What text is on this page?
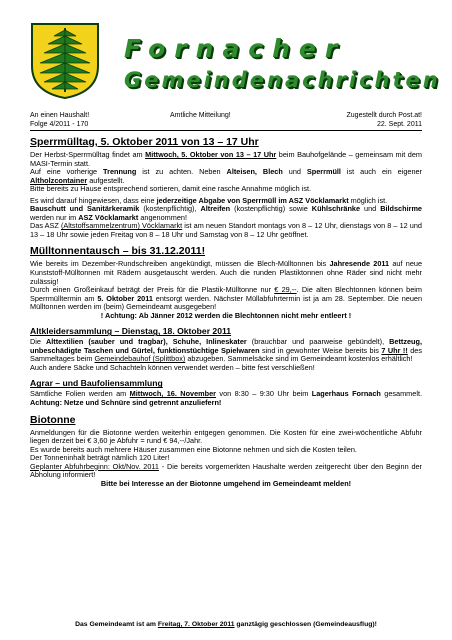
Fornacher
Gemeindenachrichten
An einen Haushalt!	Amtliche Mitteilung!	Zugestellt durch Post.at!
Folge 4/2011 - 170	22. Sept. 2011
Sperrmülltag, 5. Oktober 2011 von 13 – 17 Uhr

Der Herbst-Sperrmülltag findet am Mittwoch, 5. Oktober von 13 – 17 Uhr beim Bauhofgelände – gemeinsam mit dem MASI-Termin statt.

Auf eine vorherige Trennung ist zu achten. Neben Alteisen, Blech und Sperrmüll ist auch ein eigener Altholzcontainer aufgestellt.

Bitte bereits zu Hause entsprechend sortieren, damit eine rasche Annahme möglich ist.

Es wird darauf hingewiesen, dass eine jederzeitige Abgabe von Sperrmüll im ASZ Vöcklamarkt möglich ist.

Bauschutt und Sanitärkeramik (kostenpflichtig), Altreifen (kostenpflichtig) sowie Kühlschränke und Bildschirme werden nur im ASZ Vöcklamarkt angenommen!

Das ASZ (Altstoffsammelzentrum) Vöcklamarkt ist am neuen Standort montags von 8 – 12 Uhr, dienstags von 8 – 12 und 13 – 18 Uhr sowie jeden Freitag von 8 – 18 Uhr und Samstag von 8 – 12 Uhr geöffnet.

Mülltonnentausch – bis 31.12.2011!

Wie bereits im Dezember-Rundschreiben angekündigt, müssen die Blech-Mülltonnen bis Jahresende 2011 auf neue Kunststoff-Mülltonnen mit Rädern ausgetauscht werden. Auch die runden Plastiktonnen ohne Räder sind nicht mehr zulässig!

Durch einen Großeinkauf beträgt der Preis für die Plastik-Mülltonne nur € 29,--. Die alten Blechtonnen können beim Sperrmülltermin am 5. Oktober 2011 entsorgt werden. Nächster Müllabfuhrtermin ist ja am 28. September. Die neuen Mülltonnen werden im (beim) Gemeindeamt ausgegeben!

! Achtung: Ab Jänner 2012 werden die Blechtonnen nicht mehr entleert !

Altkleidersammlung – Dienstag, 18. Oktober 2011

Die Alttextilien (sauber und tragbar), Schuhe, Inlineskater (brauchbar und paarweise gebündelt), Bettzeug, unbeschädigte Taschen und Gürtel, funktionstüchtige Spielwaren sind in gewohnter Weise bereits bis 7 Uhr !! des Sammeltages beim Gemeindebauhof (Splittbox) abzugeben. Sammelsäcke sind im Gemeindeamt kostenlos erhältlich!

Auch andere Säcke und Schachteln können verwendet werden – bitte fest verschließen!

Agrar – und Baufoliensammlung

Sämtliche Folien werden am Mittwoch, 16. November von 8:30 – 9:30 Uhr beim Lagerhaus Fornach gesammelt. Achtung: Netze und Schnüre sind getrennt anzuliefern!

Biotonne

Anmeldungen für die Biotonne werden weiterhin entgegen genommen. Die Kosten für eine zwei-wöchentliche Abfuhr liegen derzeit bei € 3,60 je Abfuhr = rund € 94,--/Jahr.

Es wurde bereits auch mehrere Häuser zusammen eine Biotonne nehmen und sich die Kosten teilen.

Der Tonneninhalt beträgt nämlich 120 Liter!

Geplanter Abfuhrbeginn: Okt/Nov. 2011 - Die bereits vorgemerkten Haushalte werden zeitgerecht über den Beginn der Abholung informiert!

Bitte bei Interesse an der Biotonne umgehend im Gemeindeamt melden!

Das Gemeindeamt ist am Freitag, 7. Oktober 2011 ganztägig geschlossen (Gemeindeausflug)!
